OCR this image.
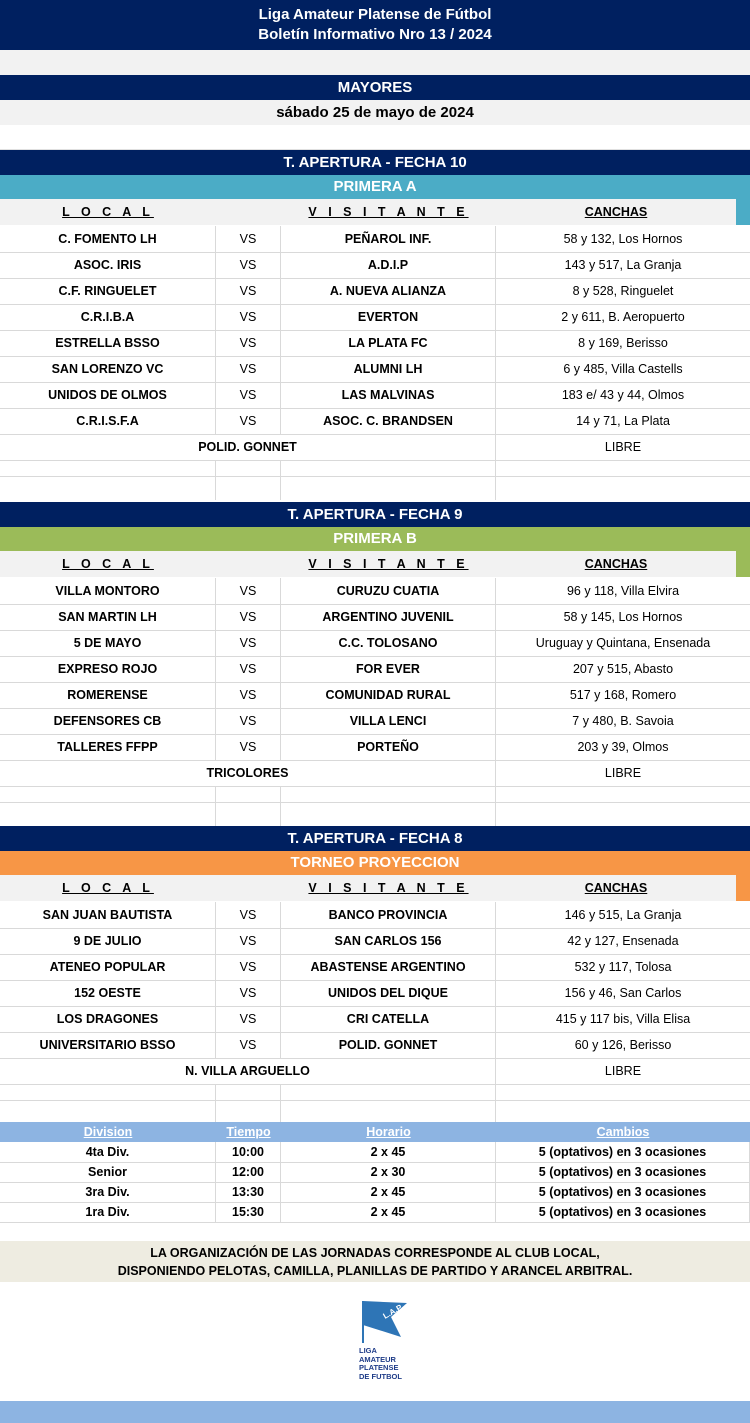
Liga Amateur Platense de Fútbol
Boletín Informativo Nro 13 / 2024
MAYORES
sábado 25 de mayo de 2024
T. APERTURA - FECHA 10
PRIMERA A
L O C A L	V I S I T A N T E	CANCHAS
C. FOMENTO LH	VS	PEÑAROL INF.	58 y 132, Los Hornos
ASOC. IRIS	VS	A.D.I.P	143 y 517, La Granja
C.F. RINGUELET	VS	A. NUEVA ALIANZA	8 y 528, Ringuelet
C.R.I.B.A	VS	EVERTON	2 y 611, B. Aeropuerto
ESTRELLA BSSO	VS	LA PLATA FC	8 y 169, Berisso
SAN LORENZO VC	VS	ALUMNI LH	6 y 485, Villa Castells
UNIDOS DE OLMOS	VS	LAS MALVINAS	183 e/ 43 y 44, Olmos
C.R.I.S.F.A	VS	ASOC. C. BRANDSEN	14 y 71, La Plata
POLID. GONNET	LIBRE
T. APERTURA - FECHA 9
PRIMERA B
L O C A L	V I S I T A N T E	CANCHAS
VILLA MONTORO	VS	CURUZU CUATIA	96 y 118, Villa Elvira
SAN MARTIN LH	VS	ARGENTINO JUVENIL	58 y 145, Los Hornos
5 DE MAYO	VS	C.C. TOLOSANO	Uruguay y Quintana, Ensenada
EXPRESO ROJO	VS	FOR EVER	207 y 515, Abasto
ROMERENSE	VS	COMUNIDAD RURAL	517 y 168, Romero
DEFENSORES CB	VS	VILLA LENCI	7 y 480, B. Savoia
TALLERES FFPP	VS	PORTEÑO	203 y 39, Olmos
TRICOLORES	LIBRE
T. APERTURA - FECHA 8
TORNEO PROYECCION
L O C A L	V I S I T A N T E	CANCHAS
SAN JUAN BAUTISTA	VS	BANCO PROVINCIA	146 y 515, La Granja
9 DE JULIO	VS	SAN CARLOS 156	42 y 127, Ensenada
ATENEO POPULAR	VS	ABASTENSE ARGENTINO	532 y 117, Tolosa
152 OESTE	VS	UNIDOS DEL DIQUE	156 y 46, San Carlos
LOS DRAGONES	VS	CRI CATELLA	415 y 117 bis, Villa Elisa
UNIVERSITARIO BSSO	VS	POLID. GONNET	60 y 126, Berisso
N. VILLA ARGUELLO	LIBRE
Division	Tiempo	Horario	Cambios
4ta Div.	10:00	2 x 45	5 (optativos) en 3 ocasiones
Senior	12:00	2 x 30	5 (optativos) en 3 ocasiones
3ra Div.	13:30	2 x 45	5 (optativos) en 3 ocasiones
1ra Div.	15:30	2 x 45	5 (optativos) en 3 ocasiones
LA ORGANIZACIÓN DE LAS JORNADAS CORRESPONDE AL CLUB LOCAL,
DISPONIENDO PELOTAS, CAMILLA, PLANILLAS DE PARTIDO Y ARANCEL ARBITRAL.
L.A.P.
LIGA
AMATEUR
PLATENSE
DE FUTBOL
